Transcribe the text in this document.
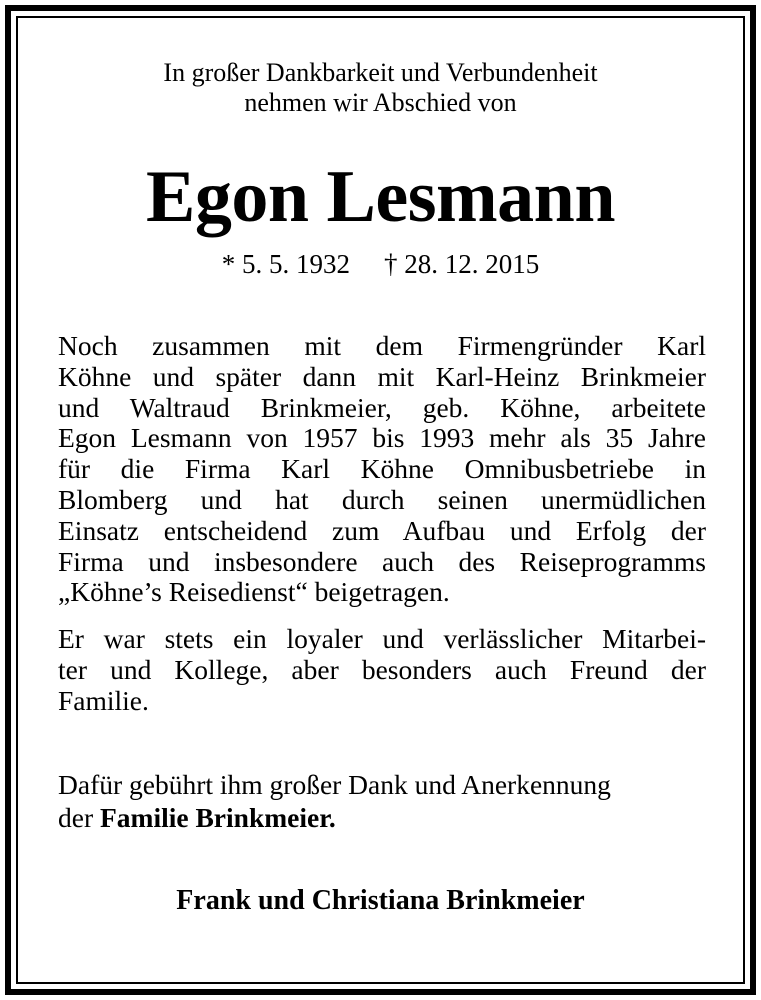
In großer Dankbarkeit und Verbundenheit
nehmen wir Abschied von
Egon Lesmann
* 5. 5. 1932 † 28. 12. 2015
Noch zusammen mit dem Firmengründer Karl
Köhne und später dann mit Karl-Heinz Brinkmeier
und Waltraud Brinkmeier, geb. Köhne, arbeitete
Egon Lesmann von 1957 bis 1993 mehr als 35 Jahre
für die Firma Karl Köhne Omnibusbetriebe in
Blomberg und hat durch seinen unermüdlichen
Einsatz entscheidend zum Aufbau und Erfolg der
Firma und insbesondere auch des Reiseprogramms
„Köhne’s Reisedienst“ beigetragen.
Er war stets ein loyaler und verlässlicher Mitarbei-
ter und Kollege, aber besonders auch Freund der
Familie.
Dafür gebührt ihm großer Dank und Anerkennung
der Familie Brinkmeier.
Frank und Christiana Brinkmeier
